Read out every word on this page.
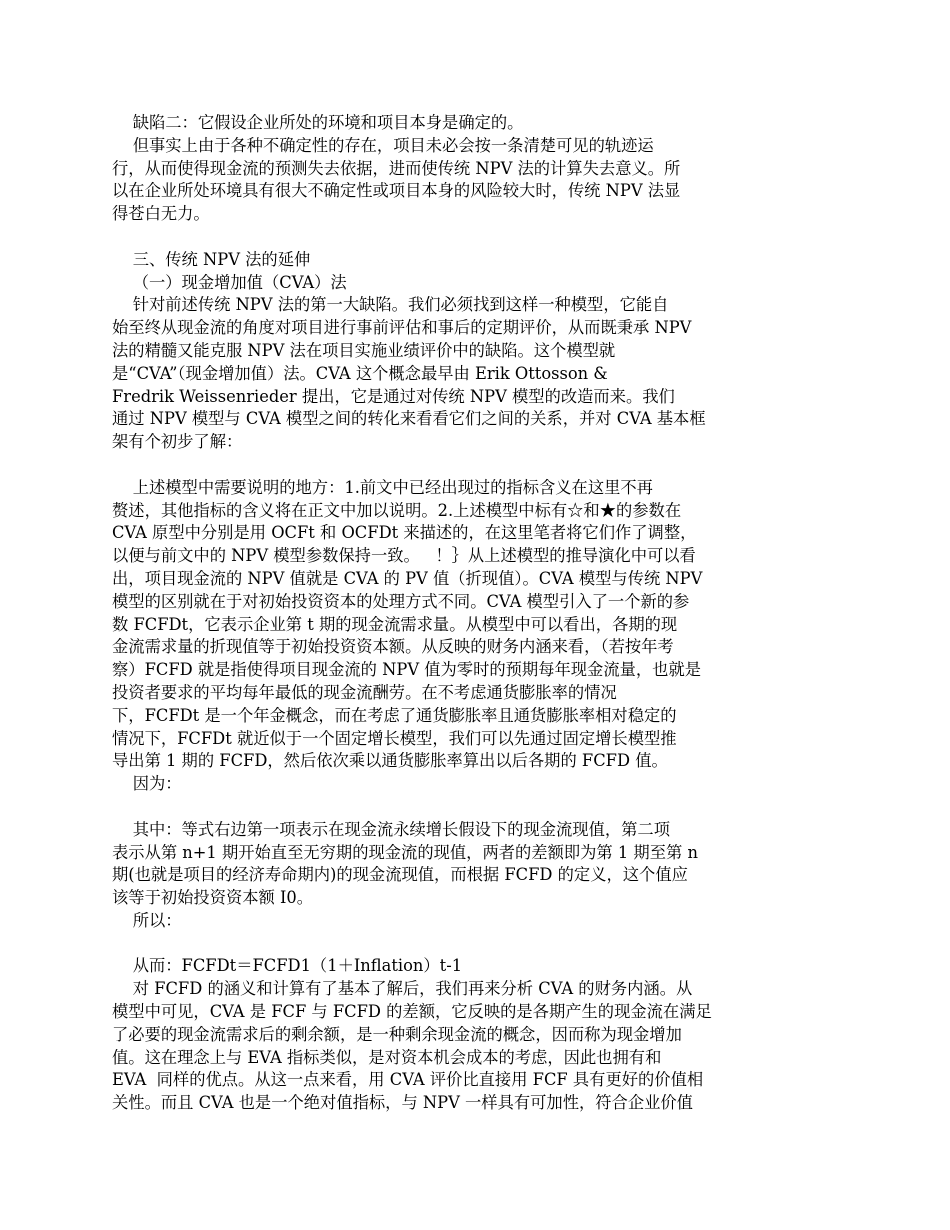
缺陷二：它假设企业所处的环境和项目本身是确定的。
但事实上由于各种不确定性的存在，项目未必会按一条清楚可见的轨迹运
行，从而使得现金流的预测失去依据，进而使传统 NPV 法的计算失去意义。所
以在企业所处环境具有很大不确定性或项目本身的风险较大时，传统 NPV 法显
得苍白无力。
三、传统 NPV 法的延伸
（一）现金增加值（CVA）法
针对前述传统 NPV 法的第一大缺陷。我们必须找到这样一种模型，它能自
始至终从现金流的角度对项目进行事前评估和事后的定期评价，从而既秉承 NPV
法的精髓又能克服 NPV 法在项目实施业绩评价中的缺陷。这个模型就
是“CVA”（现金增加值）法。CVA 这个概念最早由 Erik Ottosson &
Fredrik Weissenrieder 提出，它是通过对传统 NPV 模型的改造而来。我们
通过 NPV 模型与 CVA 模型之间的转化来看看它们之间的关系，并对 CVA 基本框
架有个初步了解：
上述模型中需要说明的地方：1.前文中已经出现过的指标含义在这里不再
赘述，其他指标的含义将在正文中加以说明。2.上述模型中标有☆和★的参数在
CVA 原型中分别是用 OCFt 和 OCFDt 来描述的，在这里笔者将它们作了调整，
以便与前文中的 NPV 模型参数保持一致。   ！｝从上述模型的推导演化中可以看
出，项目现金流的 NPV 值就是 CVA 的 PV 值（折现值）。CVA 模型与传统 NPV
模型的区别就在于对初始投资资本的处理方式不同。CVA 模型引入了一个新的参
数 FCFDt，它表示企业第 t 期的现金流需求量。从模型中可以看出，各期的现
金流需求量的折现值等于初始投资资本额。从反映的财务内涵来看，（若按年考
察）FCFD 就是指使得项目现金流的 NPV 值为零时的预期每年现金流量，也就是
投资者要求的平均每年最低的现金流酬劳。在不考虑通货膨胀率的情况
下，FCFDt 是一个年金概念，而在考虑了通货膨胀率且通货膨胀率相对稳定的
情况下，FCFDt 就近似于一个固定增长模型，我们可以先通过固定增长模型推
导出第 1 期的 FCFD，然后依次乘以通货膨胀率算出以后各期的 FCFD 值。
因为：
其中：等式右边第一项表示在现金流永续增长假设下的现金流现值，第二项
表示从第 n+1 期开始直至无穷期的现金流的现值，两者的差额即为第 1 期至第 n
期(也就是项目的经济寿命期内)的现金流现值，而根据 FCFD 的定义，这个值应
该等于初始投资资本额 I0。
所以：
从而：FCFDt＝FCFD1（1＋Inflation）t-1
对 FCFD 的涵义和计算有了基本了解后，我们再来分析 CVA 的财务内涵。从
模型中可见，CVA 是 FCF 与 FCFD 的差额，它反映的是各期产生的现金流在满足
了必要的现金流需求后的剩余额，是一种剩余现金流的概念，因而称为现金增加
值。这在理念上与 EVA 指标类似，是对资本机会成本的考虑，因此也拥有和
EVA  同样的优点。从这一点来看，用 CVA 评价比直接用 FCF 具有更好的价值相
关性。而且 CVA 也是一个绝对值指标，与 NPV 一样具有可加性，符合企业价值
